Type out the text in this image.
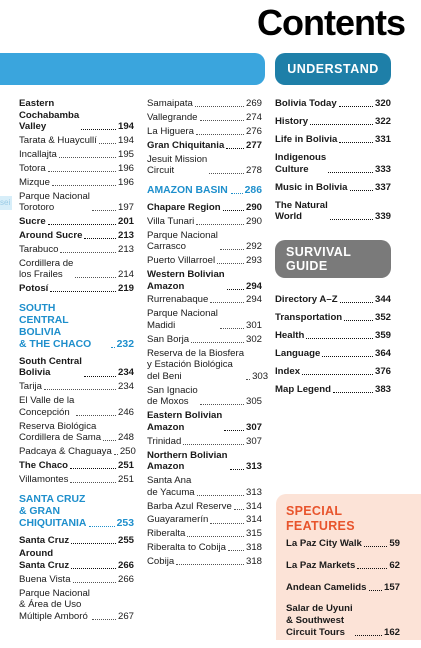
Contents
sei
Eastern
Cochabamba
Valley	194
Tarata & Huaycullí 194
Incallajta	195
Totora	196
Mizque	196
Parque Nacional
Torotoro	197
Sucre	201
Around Sucre	213
Tarabuco	213
Cordillera de
los Frailes	214
Potosí	219
SOUTH CENTRAL
BOLIVIA
& THE CHACO	232
South Central
Bolivia	234
Tarija	234
El Valle de la
Concepción	246
Reserva Biológica
Cordillera de Sama 248
Padcaya & Chaguaya 250
The Chaco	251
Villamontes	251
SANTA CRUZ
& GRAN
CHIQUITANIA	253
Santa Cruz	255
Around
Santa Cruz	266
Buena Vista	266
Parque Nacional
& Área de Uso
Múltiple Amboró	267
Samaipata	269
Vallegrande	274
La Higuera	276
Gran Chiquitania 277
Jesuit Mission
Circuit	278
AMAZON BASIN 286
Chapare Region	290
Villa Tunari	290
Parque Nacional
Carrasco	292
Puerto Villarroel	293
Western Bolivian
Amazon	294
Rurrenabaque	294
Parque Nacional
Madidi	301
San Borja	302
Reserva de la Biosfera
y Estación Biológica
del Beni	303
San Ignacio
de Moxos	305
Eastern Bolivian
Amazon	307
Trinidad	307
Northern Bolivian
Amazon	313
Santa Ana
de Yacuma	313
Barba Azul Reserve 314
Guayaramerín	314
Riberalta	315
Riberalta to Cobija 318
Cobija	318
UNDERSTAND
Bolivia Today	320
History	322
Life in Bolivia	331
Indigenous
Culture	333
Music in Bolivia	337
The Natural
World	339
SURVIVAL
GUIDE
Directory A–Z	344
Transportation	352
Health	359
Language	364
Index	376
Map Legend	383
SPECIAL
FEATURES
La Paz City Walk	59
La Paz Markets	62
Andean Camelids 157
Salar de Uyuni
& Southwest
Circuit Tours	162
